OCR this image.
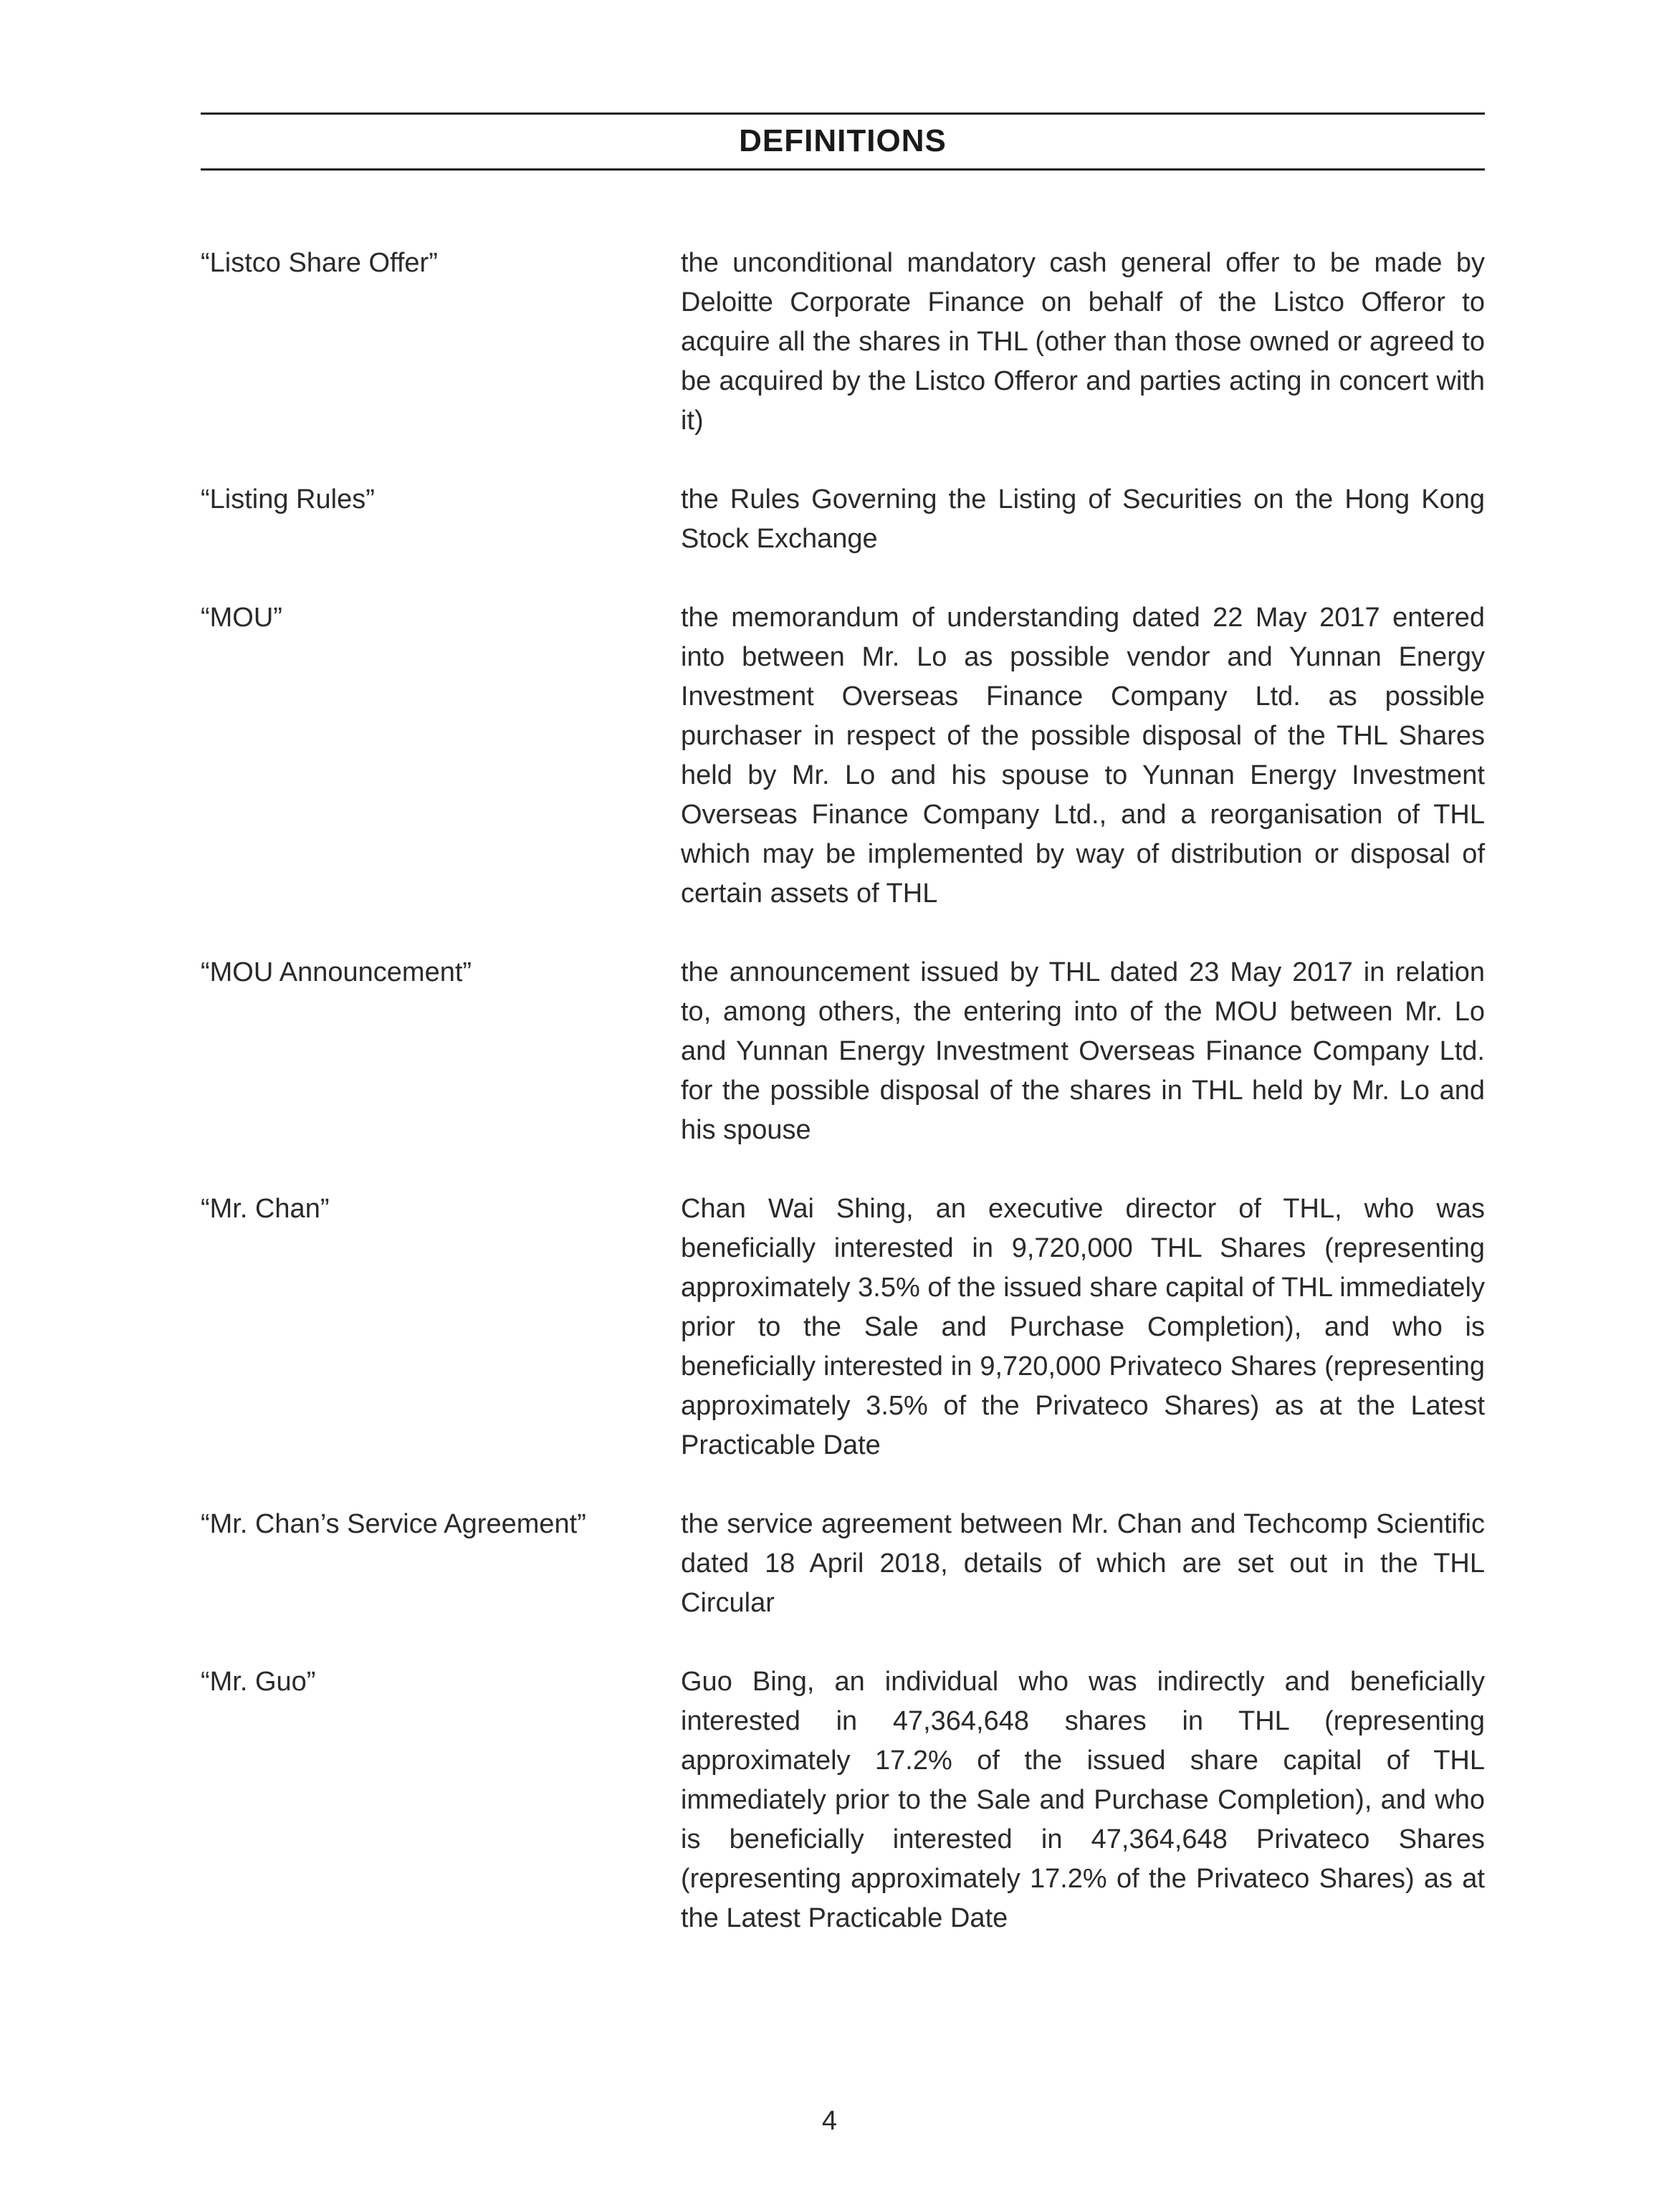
DEFINITIONS
“Listco Share Offer”	the unconditional mandatory cash general offer to be made by Deloitte Corporate Finance on behalf of the Listco Offeror to acquire all the shares in THL (other than those owned or agreed to be acquired by the Listco Offeror and parties acting in concert with it)
“Listing Rules”	the Rules Governing the Listing of Securities on the Hong Kong Stock Exchange
“MOU”	the memorandum of understanding dated 22 May 2017 entered into between Mr. Lo as possible vendor and Yunnan Energy Investment Overseas Finance Company Ltd. as possible purchaser in respect of the possible disposal of the THL Shares held by Mr. Lo and his spouse to Yunnan Energy Investment Overseas Finance Company Ltd., and a reorganisation of THL which may be implemented by way of distribution or disposal of certain assets of THL
“MOU Announcement”	the announcement issued by THL dated 23 May 2017 in relation to, among others, the entering into of the MOU between Mr. Lo and Yunnan Energy Investment Overseas Finance Company Ltd. for the possible disposal of the shares in THL held by Mr. Lo and his spouse
“Mr. Chan”	Chan Wai Shing, an executive director of THL, who was beneficially interested in 9,720,000 THL Shares (representing approximately 3.5% of the issued share capital of THL immediately prior to the Sale and Purchase Completion), and who is beneficially interested in 9,720,000 Privateco Shares (representing approximately 3.5% of the Privateco Shares) as at the Latest Practicable Date
“Mr. Chan’s Service Agreement”	the service agreement between Mr. Chan and Techcomp Scientific dated 18 April 2018, details of which are set out in the THL Circular
“Mr. Guo”	Guo Bing, an individual who was indirectly and beneficially interested in 47,364,648 shares in THL (representing approximately 17.2% of the issued share capital of THL immediately prior to the Sale and Purchase Completion), and who is beneficially interested in 47,364,648 Privateco Shares (representing approximately 17.2% of the Privateco Shares) as at the Latest Practicable Date
4
